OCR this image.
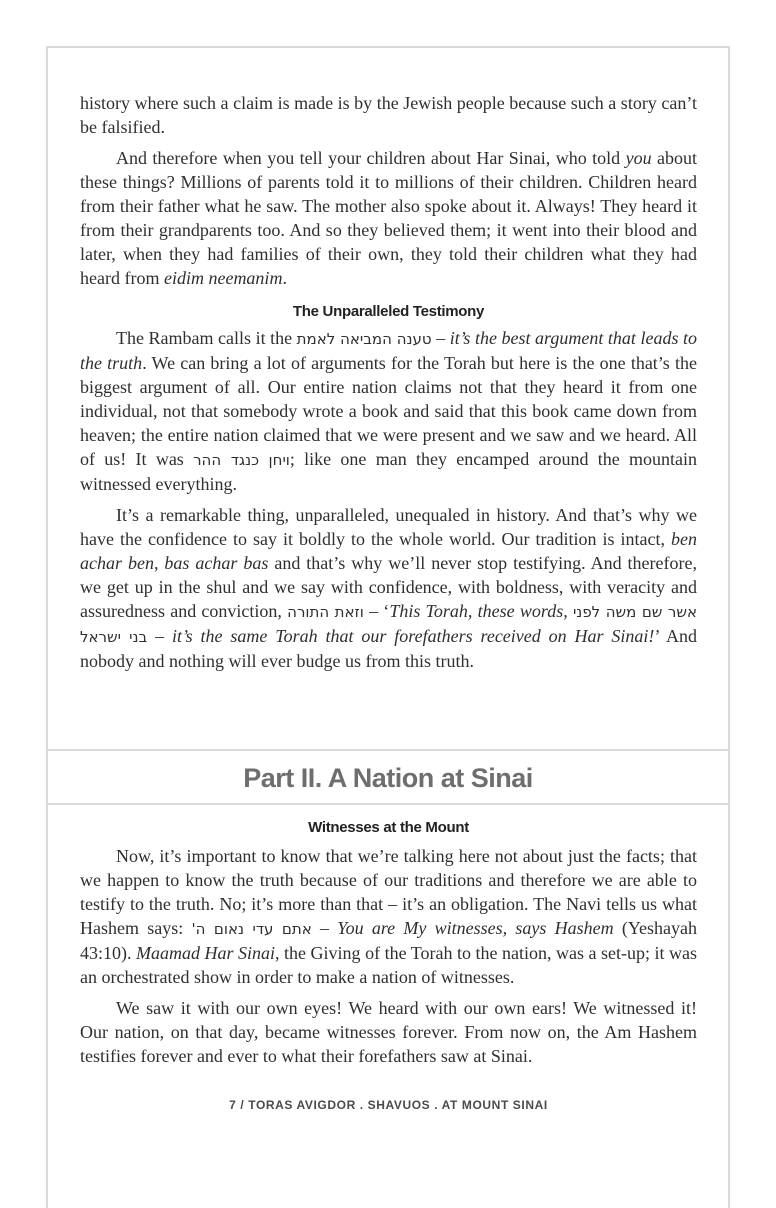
history where such a claim is made is by the Jewish people because such a story can’t be falsified.

And therefore when you tell your children about Har Sinai, who told you about these things? Millions of parents told it to millions of their children. Children heard from their father what he saw. The mother also spoke about it. Always! They heard it from their grandparents too. And so they believed them; it went into their blood and later, when they had families of their own, they told their children what they had heard from eidim neemanim.

The Unparalleled Testimony

The Rambam calls it the טענה המביאה לאמת – it’s the best argument that leads to the truth. We can bring a lot of arguments for the Torah but here is the one that’s the biggest argument of all. Our entire nation claims not that they heard it from one individual, not that somebody wrote a book and said that this book came down from heaven; the entire nation claimed that we were present and we saw and we heard. All of us! It was ויחן כנגד ההר; like one man they encamped around the mountain witnessed everything.

It’s a remarkable thing, unparalleled, unequaled in history. And that’s why we have the confidence to say it boldly to the whole world. Our tradition is intact, ben achar ben, bas achar bas and that’s why we’ll never stop testifying. And therefore, we get up in the shul and we say with confidence, with boldness, with veracity and assuredness and conviction, וזאת התורה – ‘This Torah, these words, אשר שם משה לפני בני ישראל – it’s the same Torah that our forefathers received on Har Sinai!’ And nobody and nothing will ever budge us from this truth.

Part II. A Nation at Sinai
Witnesses at the Mount

Now, it’s important to know that we’re talking here not about just the facts; that we happen to know the truth because of our traditions and therefore we are able to testify to the truth. No; it’s more than that – it’s an obligation. The Navi tells us what Hashem says: אתם עדי נאום ה' – You are My witnesses, says Hashem (Yeshayah 43:10). Maamad Har Sinai, the Giving of the Torah to the nation, was a set-up; it was an orchestrated show in order to make a nation of witnesses.

We saw it with our own eyes! We heard with our own ears! We witnessed it! Our nation, on that day, became witnesses forever. From now on, the Am Hashem testifies forever and ever to what their forefathers saw at Sinai.

7 / TORAS AVIGDOR . SHAVUOS . AT MOUNT SINAI
